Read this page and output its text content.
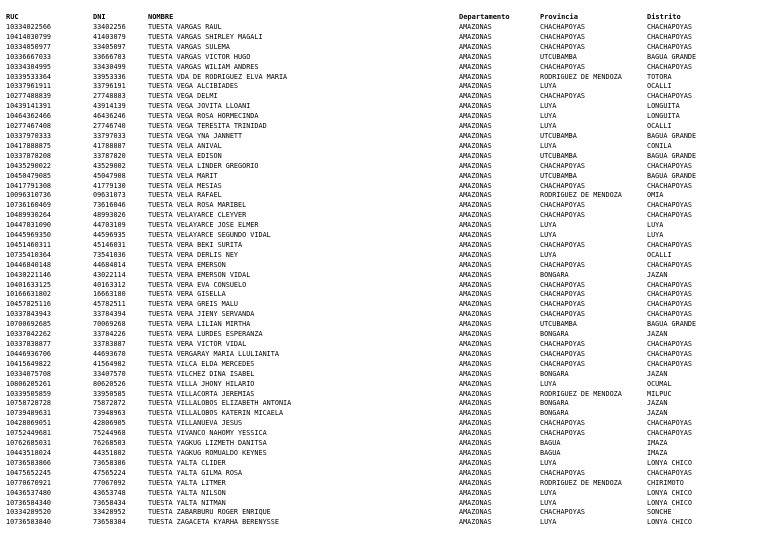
RUC	DNI	NOMBRE	Departamento	Provincia	Distrito
10334022566	33402256	TUESTA VARGAS RAUL	AMAZONAS	CHACHAPOYAS	CHACHAPOYAS
10414030799	41403079	TUESTA VARGAS SHIRLEY MAGALI	AMAZONAS	CHACHAPOYAS	CHACHAPOYAS
10334050977	33405097	TUESTA VARGAS SULEMA	AMAZONAS	CHACHAPOYAS	CHACHAPOYAS
10336667033	33666703	TUESTA VARGAS VICTOR HUGO	AMAZONAS	UTCUBAMBA	BAGUA GRANDE
10334304995	33430499	TUESTA VARGAS WILIAM ANDRES	AMAZONAS	CHACHAPOYAS	CHACHAPOYAS
10339533364	33953336	TUESTA VDA DE RODRIGUEZ ELVA MARIA	AMAZONAS	RODRIGUEZ DE MENDOZA	TOTORA
10337961911	33796191	TUESTA VEGA ALCIBIADES	AMAZONAS	LUYA	OCALLI
10277488839	27748883	TUESTA VEGA DELMI	AMAZONAS	CHACHAPOYAS	CHACHAPOYAS
10439141391	43914139	TUESTA VEGA JOVITA LLOANI	AMAZONAS	LUYA	LONGUITA
10464362466	46436246	TUESTA VEGA ROSA HORMECINDA	AMAZONAS	LUYA	LONGUITA
10277467408	27746740	TUESTA VEGA TERESITA TRINIDAD	AMAZONAS	LUYA	OCALLI
10337970333	33797033	TUESTA VEGA YNA JANNETT	AMAZONAS	UTCUBAMBA	BAGUA GRANDE
10417888875	41788887	TUESTA VELA ANIVAL	AMAZONAS	LUYA	CONILA
10337878208	33787820	TUESTA VELA EDISON	AMAZONAS	UTCUBAMBA	BAGUA GRANDE
10435290022	43529002	TUESTA VELA LINDER GREGORIO	AMAZONAS	CHACHAPOYAS	CHACHAPOYAS
10450479085	45047908	TUESTA VELA MARIT	AMAZONAS	UTCUBAMBA	BAGUA GRANDE
10417791308	41779130	TUESTA VELA MESIAS	AMAZONAS	CHACHAPOYAS	CHACHAPOYAS
10096310736	09631073	TUESTA VELA RAFAEL	AMAZONAS	RODRIGUEZ DE MENDOZA	OMIA
10736160469	73616046	TUESTA VELA ROSA MARIBEL	AMAZONAS	CHACHAPOYAS	CHACHAPOYAS
10489930264	48993026	TUESTA VELAYARCE CLEYVER	AMAZONAS	CHACHAPOYAS	CHACHAPOYAS
10447031090	44703109	TUESTA VELAYARCE JOSE ELMER	AMAZONAS	LUYA	LUYA
10445969350	44596935	TUESTA VELAYARCE SEGUNDO VIDAL	AMAZONAS	LUYA	LUYA
10451460311	45146031	TUESTA VERA BEKI SURITA	AMAZONAS	CHACHAPOYAS	CHACHAPOYAS
10735410364	73541036	TUESTA VERA DERLIS NEY	AMAZONAS	LUYA	OCALLI
10446840148	44684014	TUESTA VERA EMERSON	AMAZONAS	CHACHAPOYAS	CHACHAPOYAS
10430221146	43022114	TUESTA VERA EMERSON VIDAL	AMAZONAS	BONGARA	JAZAN
10401633125	40163312	TUESTA VERA EVA CONSUELO	AMAZONAS	CHACHAPOYAS	CHACHAPOYAS
10166631802	16663180	TUESTA VERA GISELLA	AMAZONAS	CHACHAPOYAS	CHACHAPOYAS
10457825116	45782511	TUESTA VERA GREIS MALU	AMAZONAS	CHACHAPOYAS	CHACHAPOYAS
10337843943	33784394	TUESTA VERA JIENY SERVANDA	AMAZONAS	CHACHAPOYAS	CHACHAPOYAS
10700692685	70069268	TUESTA VERA LILIAN MIRTHA	AMAZONAS	UTCUBAMBA	BAGUA GRANDE
10337842262	33784226	TUESTA VERA LURDES ESPERANZA	AMAZONAS	BONGARA	JAZAN
10337838877	33783887	TUESTA VERA VICTOR VIDAL	AMAZONAS	CHACHAPOYAS	CHACHAPOYAS
10446936706	44693670	TUESTA VERGARAY MARIA LLULIANITA	AMAZONAS	CHACHAPOYAS	CHACHAPOYAS
10415649822	41564982	TUESTA VILCA ELDA MERCEDES	AMAZONAS	CHACHAPOYAS	CHACHAPOYAS
10334075708	33407570	TUESTA VILCHEZ DINA ISABEL	AMAZONAS	BONGARA	JAZAN
10806205261	80620526	TUESTA VILLA JHONY HILARIO	AMAZONAS	LUYA	OCUMAL
10339505859	33950585	TUESTA VILLACORTA JEREMIAS	AMAZONAS	RODRIGUEZ DE MENDOZA	MILPUC
10758728728	75872872	TUESTA VILLALOBOS ELIZABETH ANTONIA	AMAZONAS	BONGARA	JAZAN
10739489631	73948963	TUESTA VILLALOBOS KATERIN MICAELA	AMAZONAS	BONGARA	JAZAN
10428069051	42806905	TUESTA VILLANUEVA JESUS	AMAZONAS	CHACHAPOYAS	CHACHAPOYAS
10752449681	75244968	TUESTA VIVANCO NAHOMY YESSICA	AMAZONAS	CHACHAPOYAS	CHACHAPOYAS
10762685031	76268503	TUESTA YAGKUG LIZMETH DANITSA	AMAZONAS	BAGUA	IMAZA
10443518024	44351802	TUESTA YAGKUG ROMUALDO KEYNES	AMAZONAS	BAGUA	IMAZA
10736583866	73658386	TUESTA YALTA CLIDER	AMAZONAS	LUYA	LONYA CHICO
10475652245	47565224	TUESTA YALTA GILMA ROSA	AMAZONAS	CHACHAPOYAS	CHACHAPOYAS
10770670921	77067092	TUESTA YALTA LITMER	AMAZONAS	RODRIGUEZ DE MENDOZA	CHIRIMOTO
10436537480	43653748	TUESTA YALTA NILSON	AMAZONAS	LUYA	LONYA CHICO
10736584340	73658434	TUESTA YALTA NITMAN	AMAZONAS	LUYA	LONYA CHICO
10334289520	33428952	TUESTA ZABARBURU ROGER ENRIQUE	AMAZONAS	CHACHAPOYAS	SONCHE
10736583840	73658384	TUESTA ZAGACETA KYARHA BERENYSSE	AMAZONAS	LUYA	LONYA CHICO
